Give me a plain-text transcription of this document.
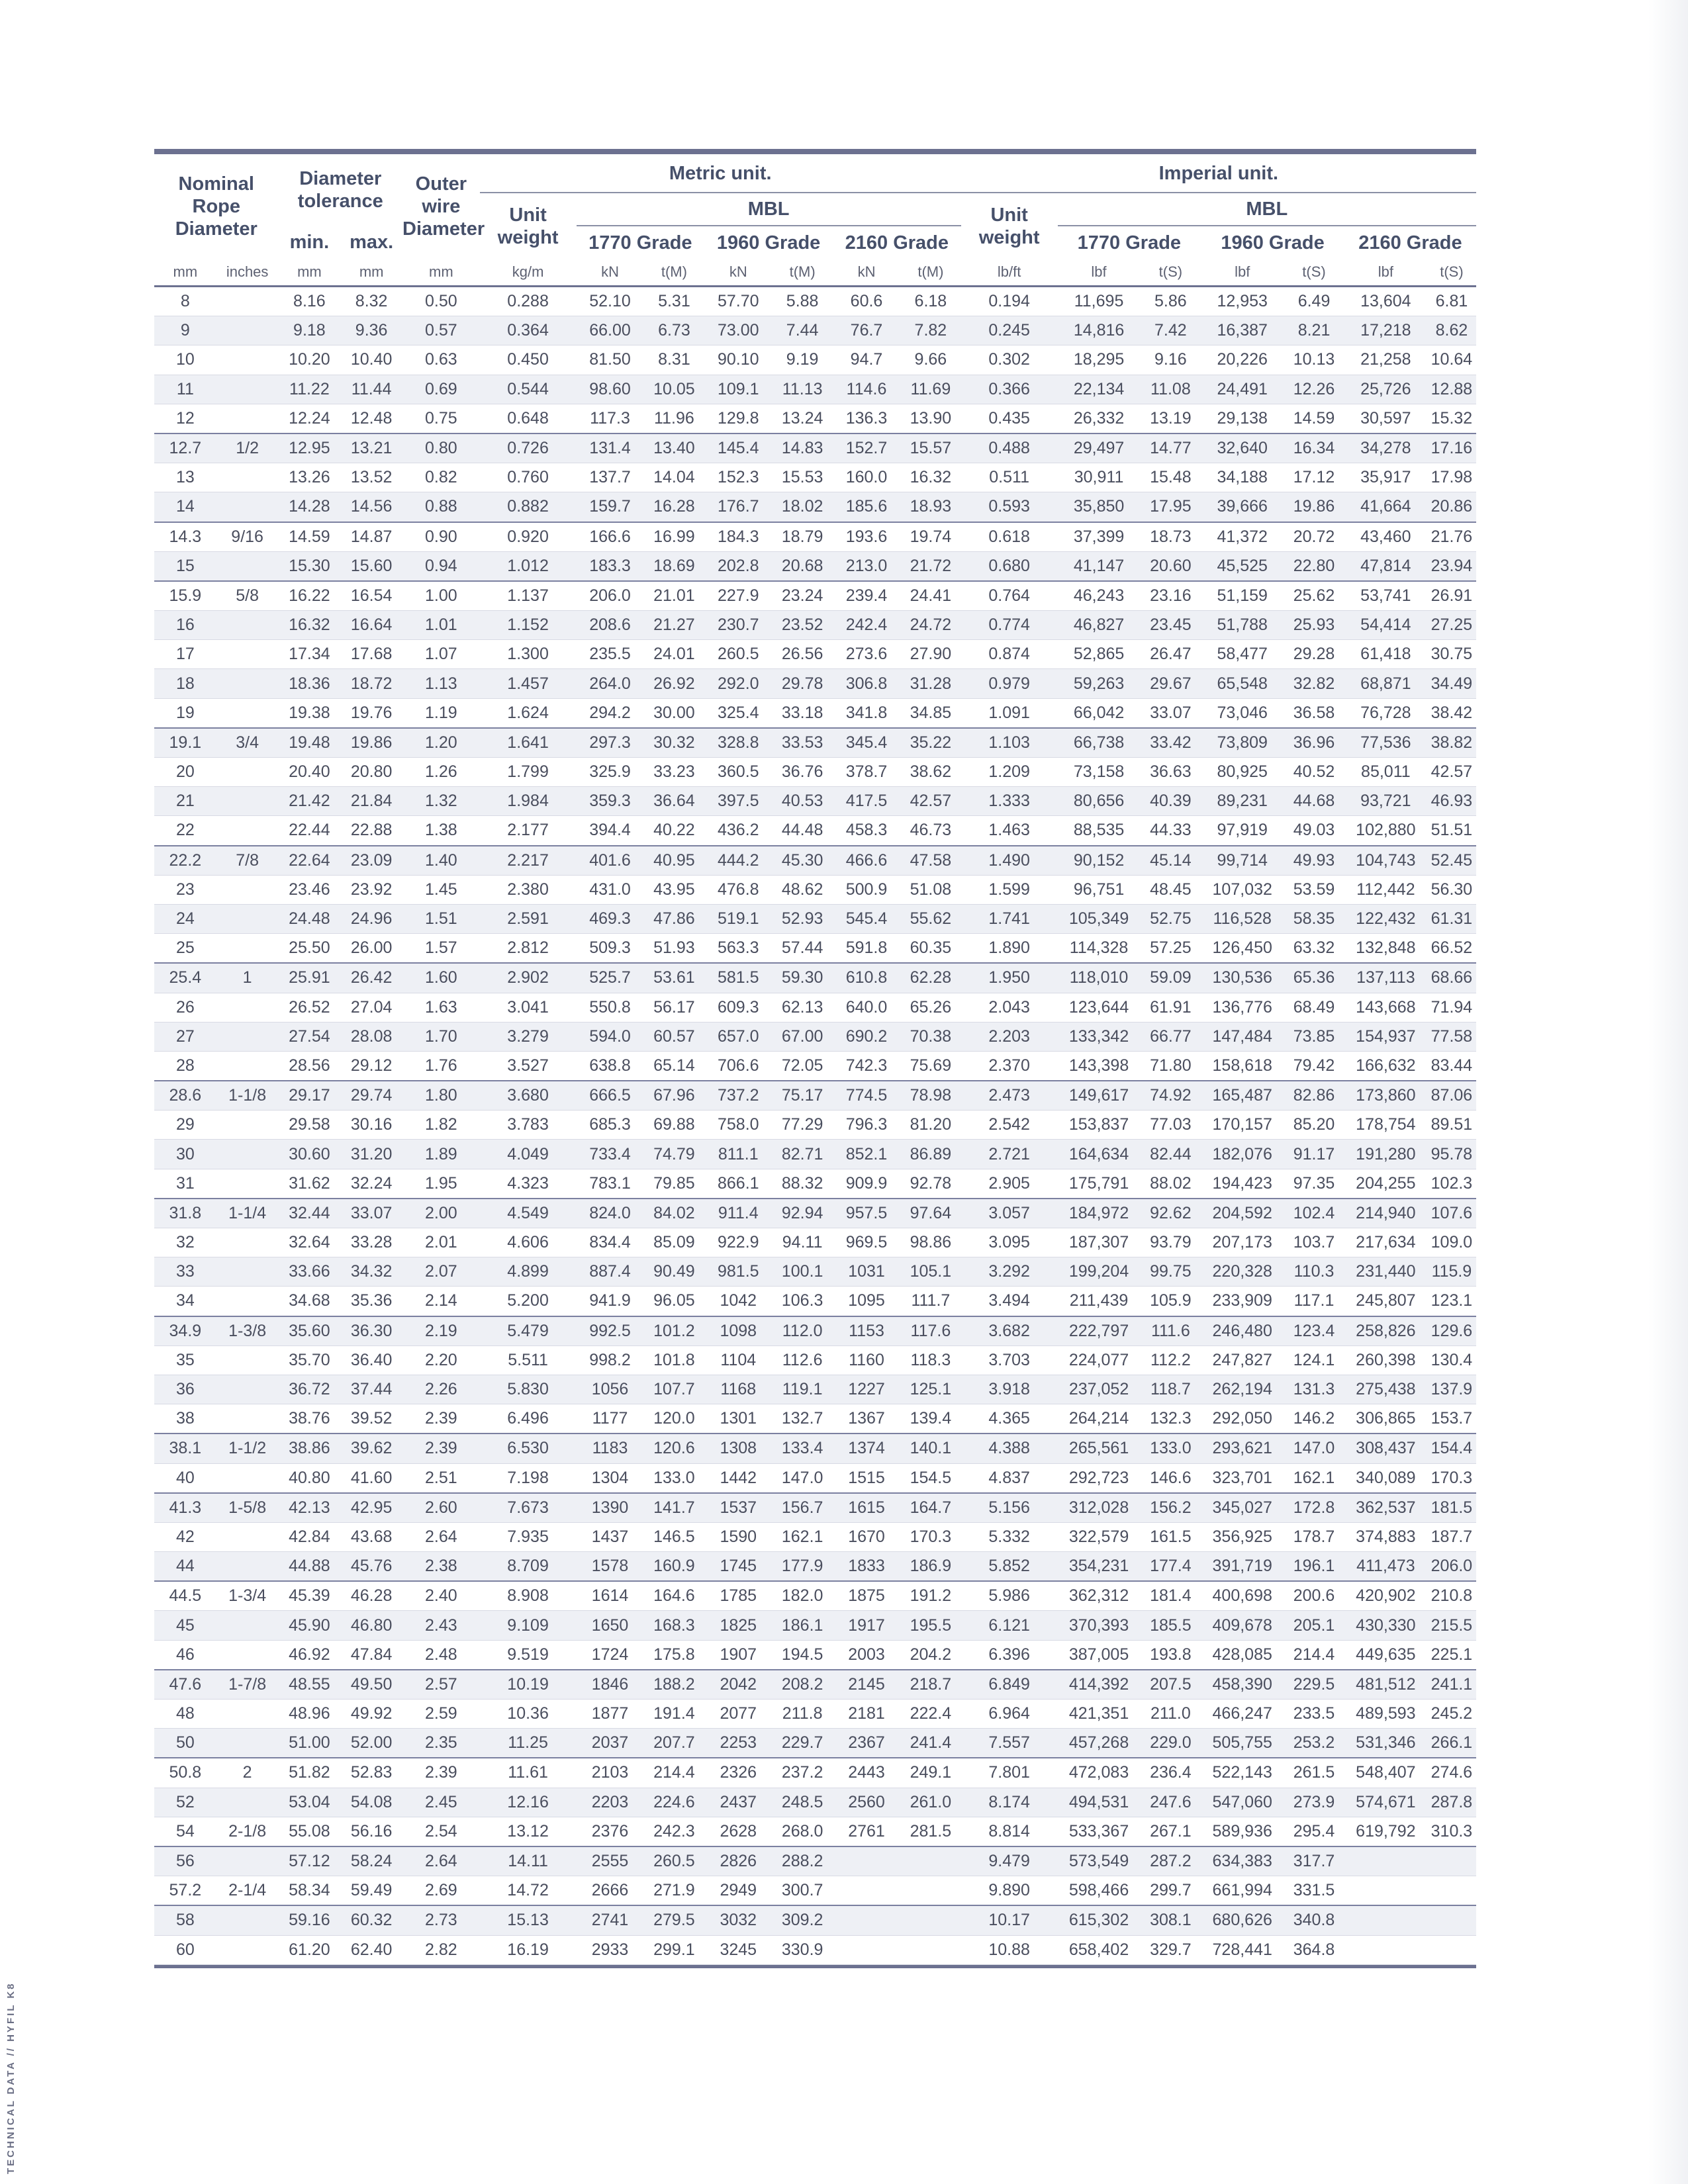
TECHNICAL DATA // HYFIL K8
Nominal Rope Diameter		Diameter tolerance		Outer wire Diameter	Metric unit.							Imperial unit.						
					Unit weight	MBL						Unit weight	MBL					
		min.	max.			1770 Grade		1960 Grade		2160 Grade			1770 Grade		1960 Grade		2160 Grade	
mm	inches	mm	mm	mm	kg/m	kN	t(M)	kN	t(M)	kN	t(M)	lb/ft	lbf	t(S)	lbf	t(S)	lbf	t(S)
8		8.16	8.32	0.50	0.288	52.10	5.31	57.70	5.88	60.6	6.18	0.194	11,695	5.86	12,953	6.49	13,604	6.81
9		9.18	9.36	0.57	0.364	66.00	6.73	73.00	7.44	76.7	7.82	0.245	14,816	7.42	16,387	8.21	17,218	8.62
10		10.20	10.40	0.63	0.450	81.50	8.31	90.10	9.19	94.7	9.66	0.302	18,295	9.16	20,226	10.13	21,258	10.64
11		11.22	11.44	0.69	0.544	98.60	10.05	109.1	11.13	114.6	11.69	0.366	22,134	11.08	24,491	12.26	25,726	12.88
12		12.24	12.48	0.75	0.648	117.3	11.96	129.8	13.24	136.3	13.90	0.435	26,332	13.19	29,138	14.59	30,597	15.32
12.7	1/2	12.95	13.21	0.80	0.726	131.4	13.40	145.4	14.83	152.7	15.57	0.488	29,497	14.77	32,640	16.34	34,278	17.16
13		13.26	13.52	0.82	0.760	137.7	14.04	152.3	15.53	160.0	16.32	0.511	30,911	15.48	34,188	17.12	35,917	17.98
14		14.28	14.56	0.88	0.882	159.7	16.28	176.7	18.02	185.6	18.93	0.593	35,850	17.95	39,666	19.86	41,664	20.86
14.3	9/16	14.59	14.87	0.90	0.920	166.6	16.99	184.3	18.79	193.6	19.74	0.618	37,399	18.73	41,372	20.72	43,460	21.76
15		15.30	15.60	0.94	1.012	183.3	18.69	202.8	20.68	213.0	21.72	0.680	41,147	20.60	45,525	22.80	47,814	23.94
15.9	5/8	16.22	16.54	1.00	1.137	206.0	21.01	227.9	23.24	239.4	24.41	0.764	46,243	23.16	51,159	25.62	53,741	26.91
16		16.32	16.64	1.01	1.152	208.6	21.27	230.7	23.52	242.4	24.72	0.774	46,827	23.45	51,788	25.93	54,414	27.25
17		17.34	17.68	1.07	1.300	235.5	24.01	260.5	26.56	273.6	27.90	0.874	52,865	26.47	58,477	29.28	61,418	30.75
18		18.36	18.72	1.13	1.457	264.0	26.92	292.0	29.78	306.8	31.28	0.979	59,263	29.67	65,548	32.82	68,871	34.49
19		19.38	19.76	1.19	1.624	294.2	30.00	325.4	33.18	341.8	34.85	1.091	66,042	33.07	73,046	36.58	76,728	38.42
19.1	3/4	19.48	19.86	1.20	1.641	297.3	30.32	328.8	33.53	345.4	35.22	1.103	66,738	33.42	73,809	36.96	77,536	38.82
20		20.40	20.80	1.26	1.799	325.9	33.23	360.5	36.76	378.7	38.62	1.209	73,158	36.63	80,925	40.52	85,011	42.57
21		21.42	21.84	1.32	1.984	359.3	36.64	397.5	40.53	417.5	42.57	1.333	80,656	40.39	89,231	44.68	93,721	46.93
22		22.44	22.88	1.38	2.177	394.4	40.22	436.2	44.48	458.3	46.73	1.463	88,535	44.33	97,919	49.03	102,880	51.51
22.2	7/8	22.64	23.09	1.40	2.217	401.6	40.95	444.2	45.30	466.6	47.58	1.490	90,152	45.14	99,714	49.93	104,743	52.45
23		23.46	23.92	1.45	2.380	431.0	43.95	476.8	48.62	500.9	51.08	1.599	96,751	48.45	107,032	53.59	112,442	56.30
24		24.48	24.96	1.51	2.591	469.3	47.86	519.1	52.93	545.4	55.62	1.741	105,349	52.75	116,528	58.35	122,432	61.31
25		25.50	26.00	1.57	2.812	509.3	51.93	563.3	57.44	591.8	60.35	1.890	114,328	57.25	126,450	63.32	132,848	66.52
25.4	1	25.91	26.42	1.60	2.902	525.7	53.61	581.5	59.30	610.8	62.28	1.950	118,010	59.09	130,536	65.36	137,113	68.66
26		26.52	27.04	1.63	3.041	550.8	56.17	609.3	62.13	640.0	65.26	2.043	123,644	61.91	136,776	68.49	143,668	71.94
27		27.54	28.08	1.70	3.279	594.0	60.57	657.0	67.00	690.2	70.38	2.203	133,342	66.77	147,484	73.85	154,937	77.58
28		28.56	29.12	1.76	3.527	638.8	65.14	706.6	72.05	742.3	75.69	2.370	143,398	71.80	158,618	79.42	166,632	83.44
28.6	1-1/8	29.17	29.74	1.80	3.680	666.5	67.96	737.2	75.17	774.5	78.98	2.473	149,617	74.92	165,487	82.86	173,860	87.06
29		29.58	30.16	1.82	3.783	685.3	69.88	758.0	77.29	796.3	81.20	2.542	153,837	77.03	170,157	85.20	178,754	89.51
30		30.60	31.20	1.89	4.049	733.4	74.79	811.1	82.71	852.1	86.89	2.721	164,634	82.44	182,076	91.17	191,280	95.78
31		31.62	32.24	1.95	4.323	783.1	79.85	866.1	88.32	909.9	92.78	2.905	175,791	88.02	194,423	97.35	204,255	102.3
31.8	1-1/4	32.44	33.07	2.00	4.549	824.0	84.02	911.4	92.94	957.5	97.64	3.057	184,972	92.62	204,592	102.4	214,940	107.6
32		32.64	33.28	2.01	4.606	834.4	85.09	922.9	94.11	969.5	98.86	3.095	187,307	93.79	207,173	103.7	217,634	109.0
33		33.66	34.32	2.07	4.899	887.4	90.49	981.5	100.1	1031	105.1	3.292	199,204	99.75	220,328	110.3	231,440	115.9
34		34.68	35.36	2.14	5.200	941.9	96.05	1042	106.3	1095	111.7	3.494	211,439	105.9	233,909	117.1	245,807	123.1
34.9	1-3/8	35.60	36.30	2.19	5.479	992.5	101.2	1098	112.0	1153	117.6	3.682	222,797	111.6	246,480	123.4	258,826	129.6
35		35.70	36.40	2.20	5.511	998.2	101.8	1104	112.6	1160	118.3	3.703	224,077	112.2	247,827	124.1	260,398	130.4
36		36.72	37.44	2.26	5.830	1056	107.7	1168	119.1	1227	125.1	3.918	237,052	118.7	262,194	131.3	275,438	137.9
38		38.76	39.52	2.39	6.496	1177	120.0	1301	132.7	1367	139.4	4.365	264,214	132.3	292,050	146.2	306,865	153.7
38.1	1-1/2	38.86	39.62	2.39	6.530	1183	120.6	1308	133.4	1374	140.1	4.388	265,561	133.0	293,621	147.0	308,437	154.4
40		40.80	41.60	2.51	7.198	1304	133.0	1442	147.0	1515	154.5	4.837	292,723	146.6	323,701	162.1	340,089	170.3
41.3	1-5/8	42.13	42.95	2.60	7.673	1390	141.7	1537	156.7	1615	164.7	5.156	312,028	156.2	345,027	172.8	362,537	181.5
42		42.84	43.68	2.64	7.935	1437	146.5	1590	162.1	1670	170.3	5.332	322,579	161.5	356,925	178.7	374,883	187.7
44		44.88	45.76	2.38	8.709	1578	160.9	1745	177.9	1833	186.9	5.852	354,231	177.4	391,719	196.1	411,473	206.0
44.5	1-3/4	45.39	46.28	2.40	8.908	1614	164.6	1785	182.0	1875	191.2	5.986	362,312	181.4	400,698	200.6	420,902	210.8
45		45.90	46.80	2.43	9.109	1650	168.3	1825	186.1	1917	195.5	6.121	370,393	185.5	409,678	205.1	430,330	215.5
46		46.92	47.84	2.48	9.519	1724	175.8	1907	194.5	2003	204.2	6.396	387,005	193.8	428,085	214.4	449,635	225.1
47.6	1-7/8	48.55	49.50	2.57	10.19	1846	188.2	2042	208.2	2145	218.7	6.849	414,392	207.5	458,390	229.5	481,512	241.1
48		48.96	49.92	2.59	10.36	1877	191.4	2077	211.8	2181	222.4	6.964	421,351	211.0	466,247	233.5	489,593	245.2
50		51.00	52.00	2.35	11.25	2037	207.7	2253	229.7	2367	241.4	7.557	457,268	229.0	505,755	253.2	531,346	266.1
50.8	2	51.82	52.83	2.39	11.61	2103	214.4	2326	237.2	2443	249.1	7.801	472,083	236.4	522,143	261.5	548,407	274.6
52		53.04	54.08	2.45	12.16	2203	224.6	2437	248.5	2560	261.0	8.174	494,531	247.6	547,060	273.9	574,671	287.8
54	2-1/8	55.08	56.16	2.54	13.12	2376	242.3	2628	268.0	2761	281.5	8.814	533,367	267.1	589,936	295.4	619,792	310.3
56		57.12	58.24	2.64	14.11	2555	260.5	2826	288.2			9.479	573,549	287.2	634,383	317.7		
57.2	2-1/4	58.34	59.49	2.69	14.72	2666	271.9	2949	300.7			9.890	598,466	299.7	661,994	331.5		
58		59.16	60.32	2.73	15.13	2741	279.5	3032	309.2			10.17	615,302	308.1	680,626	340.8		
60		61.20	62.40	2.82	16.19	2933	299.1	3245	330.9			10.88	658,402	329.7	728,441	364.8		
